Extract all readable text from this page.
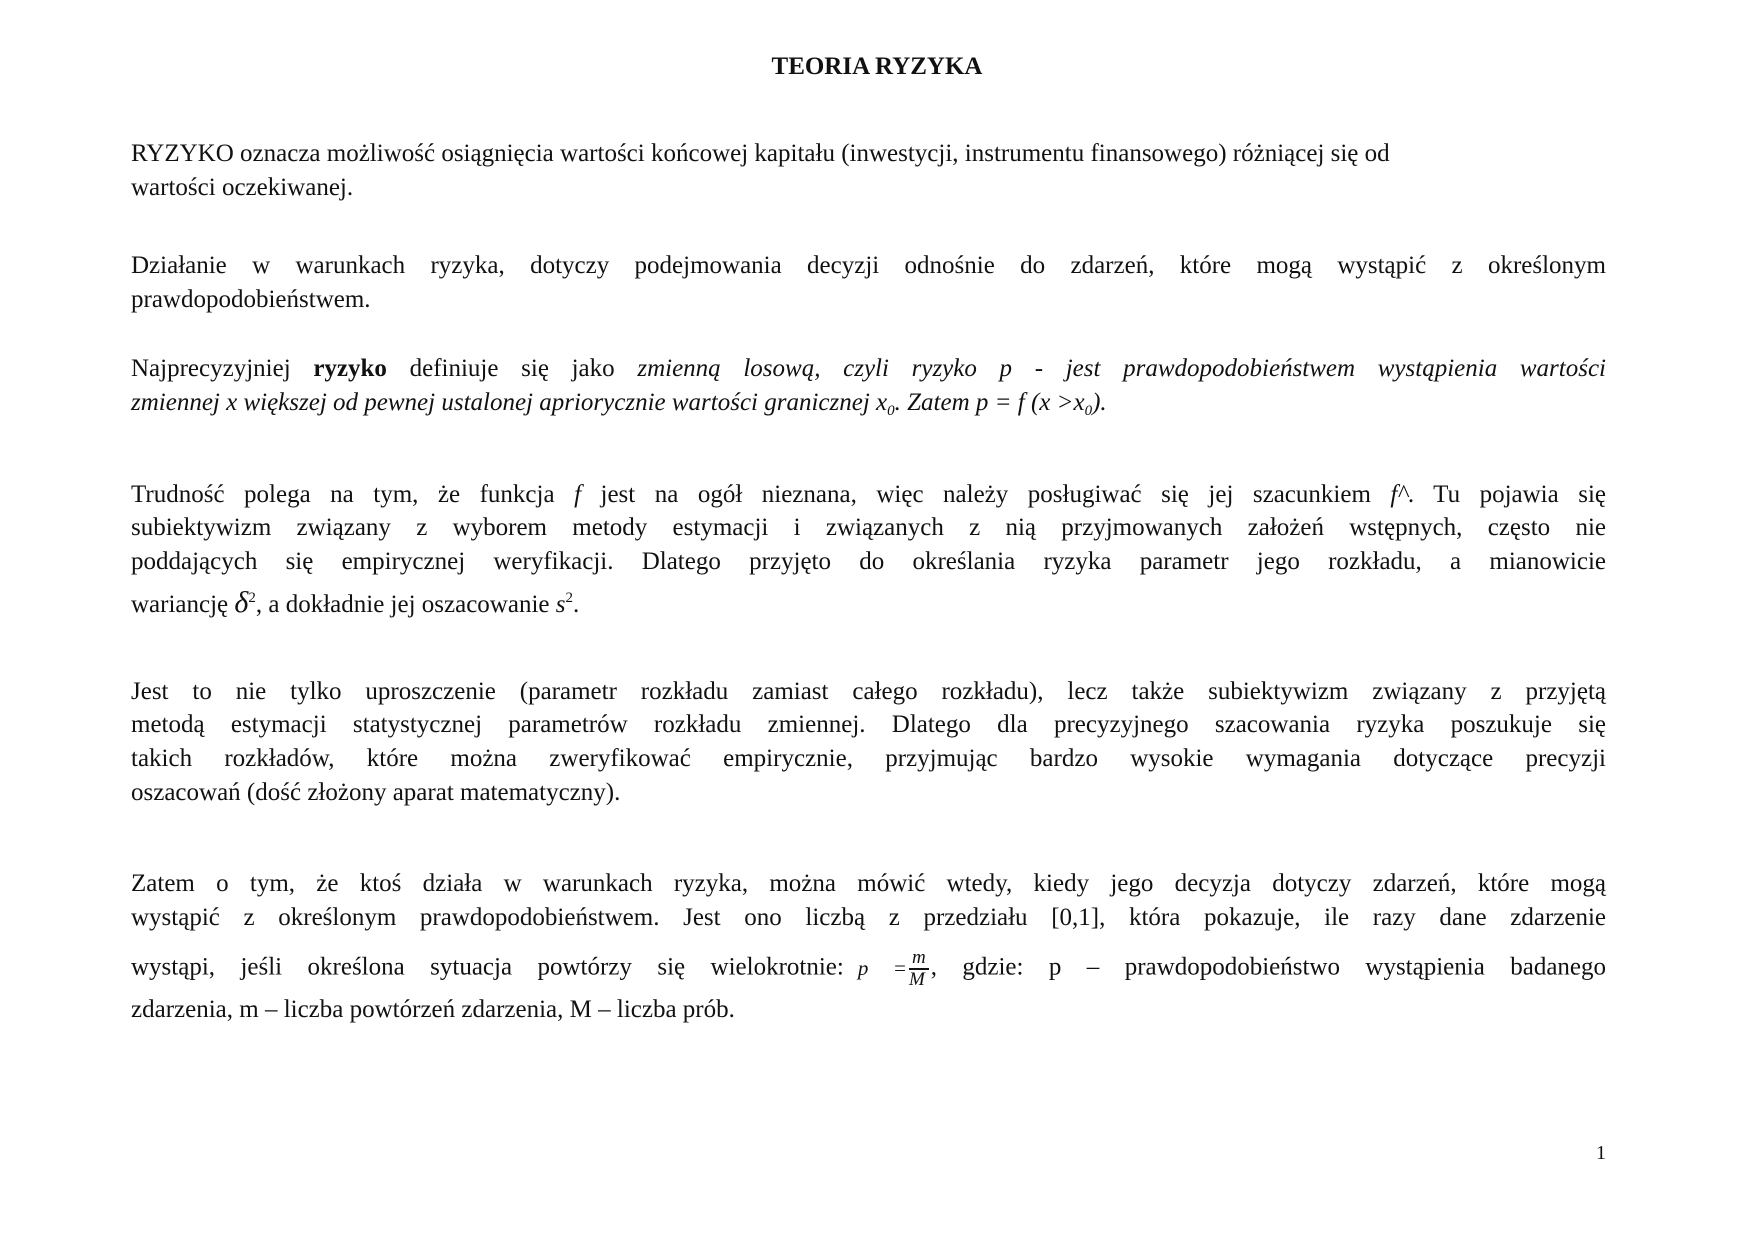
TEORIA RYZYKA
RYZYKO oznacza możliwość osiągnięcia wartości końcowej kapitału (inwestycji, instrumentu finansowego) różniącej się od
wartości oczekiwanej.
Działanie w warunkach ryzyka, dotyczy podejmowania decyzji odnośnie do zdarzeń, które mogą wystąpić z określonym
prawdopodobieństwem.
Najprecyzyjniej ryzyko definiuje się jako zmienną losową, czyli ryzyko p - jest prawdopodobieństwem wystąpienia wartości
zmiennej x większej od pewnej ustalonej apriorycznie wartości granicznej $x_0$. Zatem p = f $(x >x_0)$.
Trudność polega na tym, że funkcja f jest na ogół nieznana, więc należy posługiwać się jej szacunkiem f^. Tu pojawia się
subiektywizm związany z wyborem metody estymacji i związanych z nią przyjmowanych założeń wstępnych, często nie
poddających się empirycznej weryfikacji. Dlatego przyjęto do określania ryzyka parametr jego rozkładu, a mianowicie
wariancję $\delta^2$, a dokładnie jej oszacowanie $s^2$.
Jest to nie tylko uproszczenie (parametr rozkładu zamiast całego rozkładu), lecz także subiektywizm związany z przyjętą
metodą estymacji statystycznej parametrów rozkładu zmiennej. Dlatego dla precyzyjnego szacowania ryzyka poszukuje się
takich rozkładów, które można zweryfikować empirycznie, przyjmując bardzo wysokie wymagania dotyczące precyzji
oszacowań (dość złożony aparat matematyczny).
Zatem o tym, że ktoś działa w warunkach ryzyka, można mówić wtedy, kiedy jego decyzja dotyczy zdarzeń, które mogą
wystąpić z określonym prawdopodobieństwem. Jest ono liczbą z przedziału [0,1], która pokazuje, ile razy dane zdarzenie
wystąpi, jeśli określona sytuacja powtórzy się wielokrotnie: $p = \frac{m}{M}$ , gdzie: p – prawdopodobieństwo wystąpienia badanego
zdarzenia, m – liczba powtórzeń zdarzenia, M – liczba prób.
1
